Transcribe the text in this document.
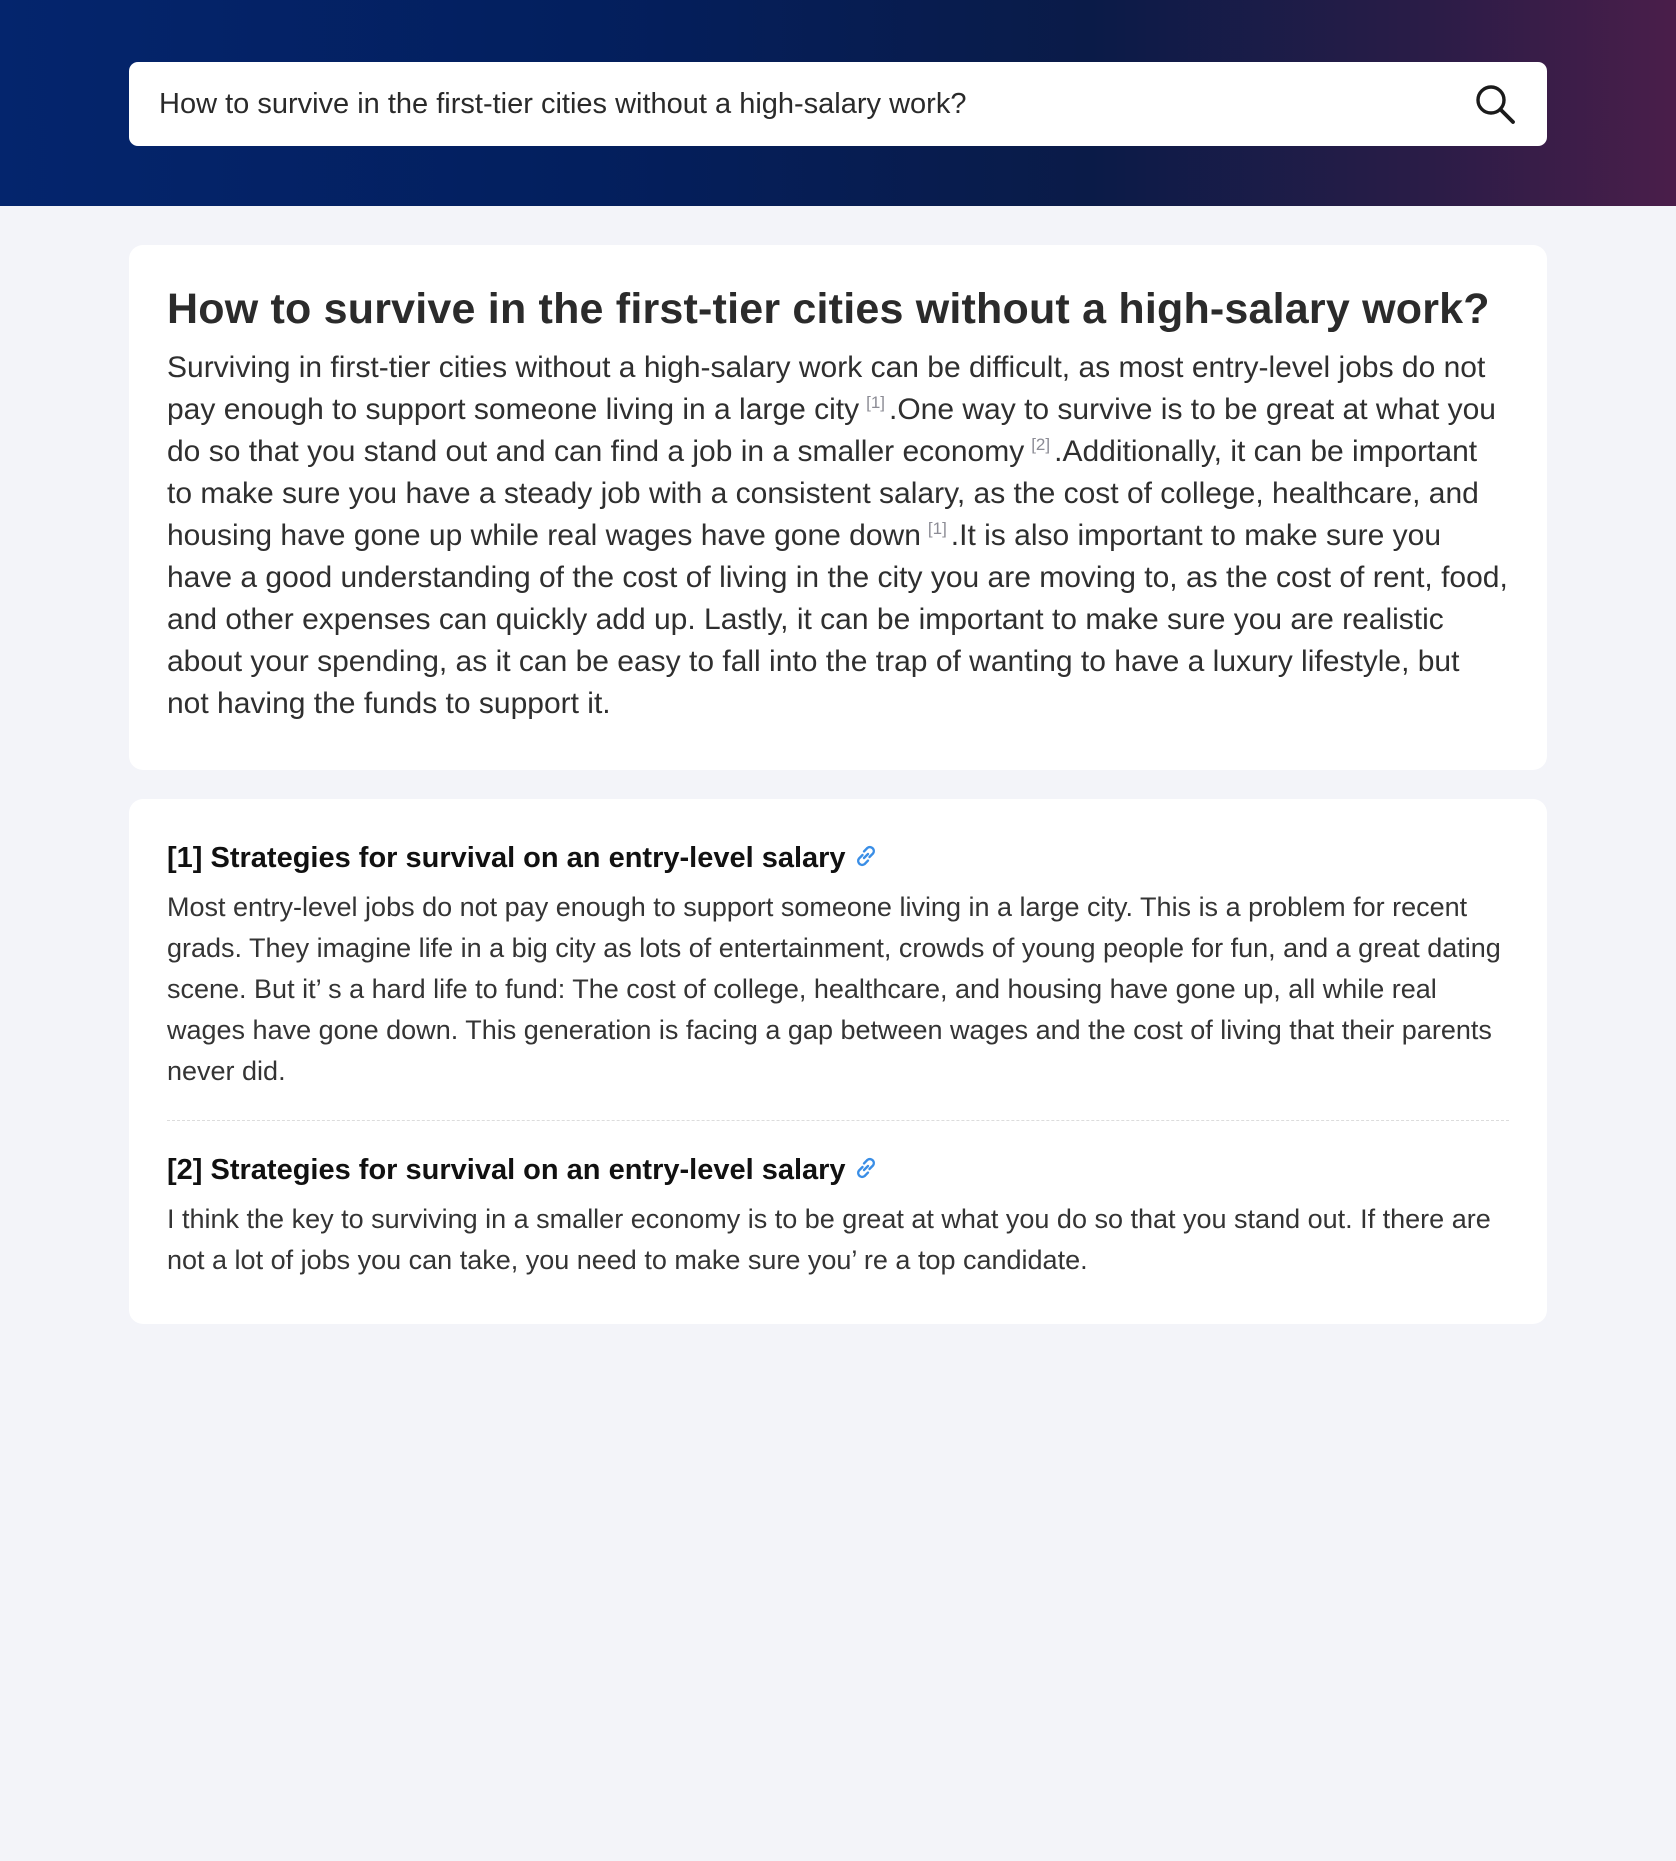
How to survive in the first-tier cities without a high-salary work?
How to survive in the first-tier cities without a high-salary work?

Surviving in first-tier cities without a high-salary work can be difficult, as most entry-level jobs do not pay enough to support someone living in a large city [1] .One way to survive is to be great at what you do so that you stand out and can find a job in a smaller economy [2] .Additionally, it can be important to make sure you have a steady job with a consistent salary, as the cost of college, healthcare, and housing have gone up while real wages have gone down [1] .It is also important to make sure you have a good understanding of the cost of living in the city you are moving to, as the cost of rent, food, and other expenses can quickly add up. Lastly, it can be important to make sure you are realistic about your spending, as it can be easy to fall into the trap of wanting to have a luxury lifestyle, but not having the funds to support it.

[1] Strategies for survival on an entry-level salary

Most entry-level jobs do not pay enough to support someone living in a large city. This is a problem for recent grads. They imagine life in a big city as lots of entertainment, crowds of young people for fun, and a great dating scene. But it’ s a hard life to fund: The cost of college, healthcare, and housing have gone up, all while real wages have gone down. This generation is facing a gap between wages and the cost of living that their parents never did.

[2] Strategies for survival on an entry-level salary

I think the key to surviving in a smaller economy is to be great at what you do so that you stand out. If there are not a lot of jobs you can take, you need to make sure you’ re a top candidate.
